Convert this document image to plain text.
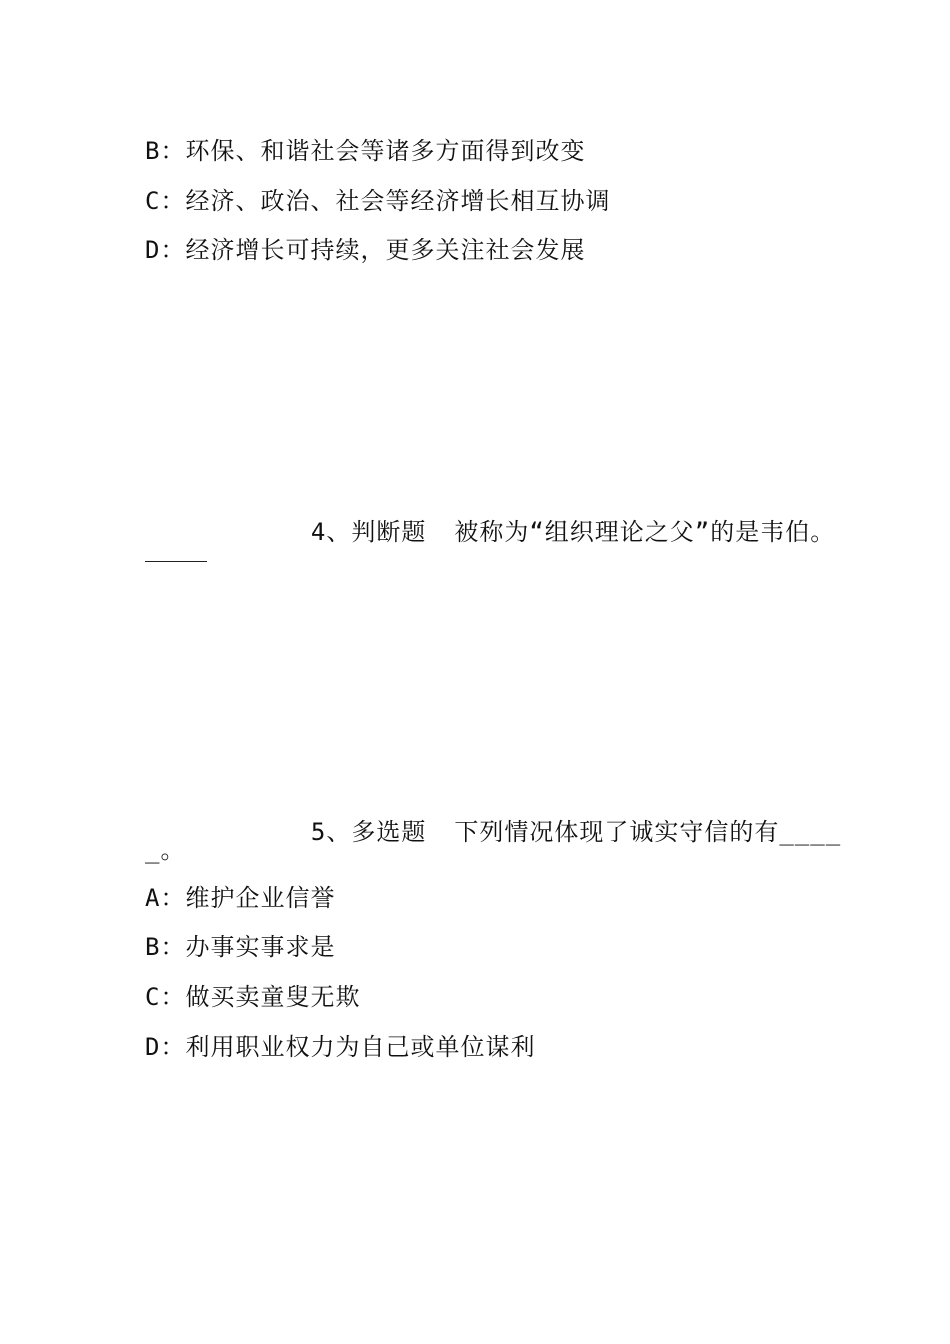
B：环保、和谐社会等诸多方面得到改变
C：经济、政治、社会等经济增长相互协调
D：经济增长可持续，更多关注社会发展

4、判断题 被称为“组织理论之父”的是韦伯。

5、多选题 下列情况体现了诚实守信的有____

_。
A：维护企业信誉
B：办事实事求是
C：做买卖童叟无欺
D：利用职业权力为自己或单位谋利
